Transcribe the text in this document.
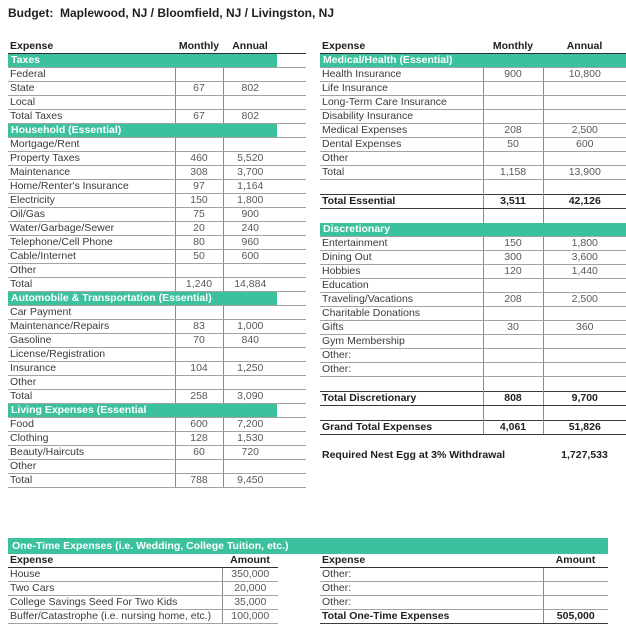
Budget:  Maplewood, NJ / Bloomfield, NJ / Livingston, NJ
Expense	Monthly	Annual	
Taxes			
Federal			
State	67	802	
Local			
Total Taxes	67	802	
Household (Essential)			
Mortgage/Rent			
Property Taxes	460	5,520	
Maintenance	308	3,700	
Home/Renter's Insurance	97	1,164	
Electricity	150	1,800	
Oil/Gas	75	900	
Water/Garbage/Sewer	20	240	
Telephone/Cell Phone	80	960	
Cable/Internet	50	600	
Other			
Total	1,240	14,884	
Automobile & Transportation (Essential)			
Car Payment			
Maintenance/Repairs	83	1,000	
Gasoline	70	840	
License/Registration			
Insurance	104	1,250	
Other			
Total	258	3,090	
Living Expenses (Essential			
Food	600	7,200	
Clothing	128	1,530	
Beauty/Haircuts	60	720	
Other			
Total	788	9,450	
Expense	Monthly	Annual
Medical/Health (Essential)		
Health Insurance	900	10,800
Life Insurance		
Long-Term Care Insurance		
Disability Insurance		
Medical Expenses	208	2,500
Dental Expenses	50	600
Other		
Total	1,158	13,900

Total Essential	3,511	42,126

Discretionary		
Entertainment	150	1,800
Dining Out	300	3,600
Hobbies	120	1,440
Education		
Traveling/Vacations	208	2,500
Charitable Donations		
Gifts	30	360
Gym Membership		
Other:		
Other:		

Total Discretionary	808	9,700

Grand Total Expenses	4,061	51,826

Required Nest Egg at 3% Withdrawal		1,727,533
One-Time Expenses (i.e. Wedding, College Tuition, etc.)
Expense	Amount
House	350,000
Two Cars	20,000
College Savings Seed For Two Kids	35,000
Buffer/Catastrophe (i.e. nursing home, etc.)	100,000
Expense	Amount
Other:	
Other:	
Other:	
Total One-Time Expenses	505,000
